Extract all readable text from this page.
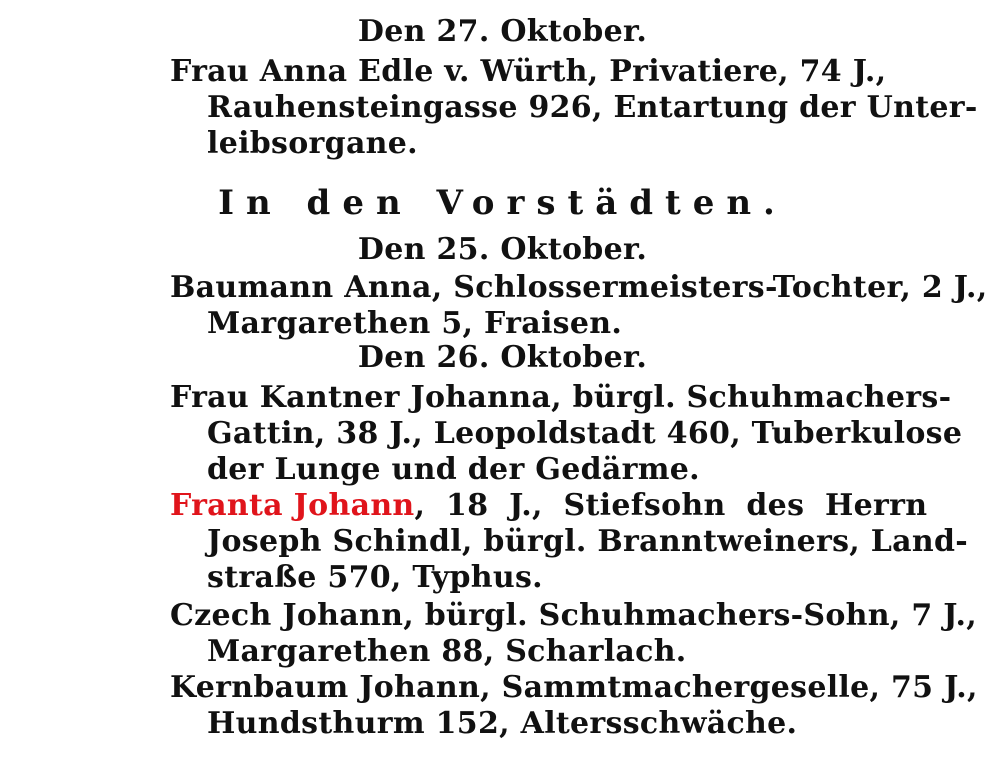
Den 27. Oktober.
Frau Anna Edle v. Würth, Privatiere, 74 J.,
Rauhensteingasse 926, Entartung der Unter-
leibsorgane.
In den Vorstädten.
Den 25. Oktober.
Baumann Anna, Schlossermeisters-Tochter, 2 J.,
Margarethen 5, Fraisen.
Den 26. Oktober.
Frau Kantner Johanna, bürgl. Schuhmachers-
Gattin, 38 J., Leopoldstadt 460, Tuberkulose
der Lunge und der Gedärme.
Franta Johann, 18 J., Stiefsohn des Herrn
Joseph Schindl, bürgl. Branntweiners, Land-
straße 570, Typhus.
Czech Johann, bürgl. Schuhmachers-Sohn, 7 J.,
Margarethen 88, Scharlach.
Kernbaum Johann, Sammtmachergeselle, 75 J.,
Hundsthurm 152, Altersschwäche.
